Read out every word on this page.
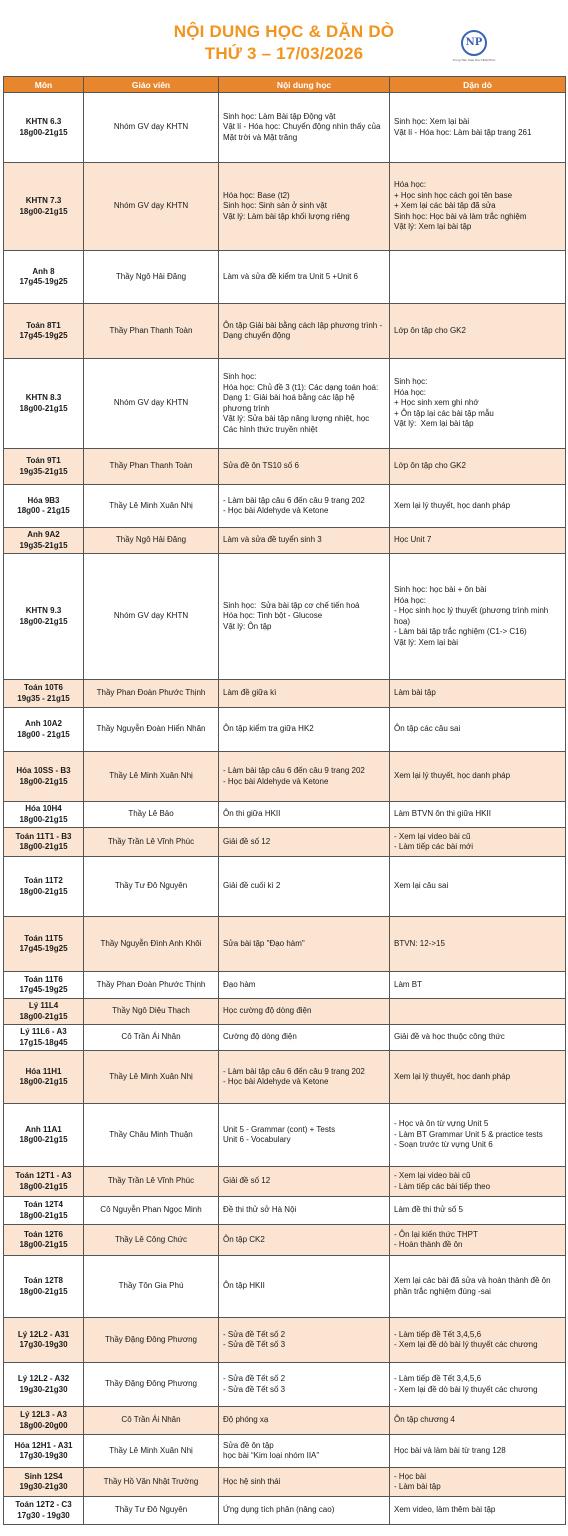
NỘI DUNG HỌC & DẶN DÒ
THỨ 3 – 17/03/2026
NP
Trung Tâm Giáo Dục Nhật Phúc
Môn	Giáo viên	Nội dung học	Dặn dò

KHTN 6.3
18g00-21g15	Nhóm GV dạy KHTN	Sinh học: Làm Bài tập Động vật
Vật lí - Hóa học: Chuyển động nhìn thấy của Mặt trời và Mặt trăng	Sinh học: Xem lại bài
Vật lí - Hóa học: Làm bài tập trang 261

KHTN 7.3
18g00-21g15	Nhóm GV dạy KHTN	Hóa học: Base (t2)
Sinh học: Sinh sản ở sinh vật
Vật lý: Làm bài tập khối lượng riêng	Hóa học:
+ Học sinh học cách gọi tên base
+ Xem lại các bài tập đã sửa
Sinh học: Học bài và làm trắc nghiệm
Vật lý: Xem lại bài tập

Anh 8
17g45-19g25	Thầy Ngô Hải Đăng	Làm và sửa đề kiểm tra Unit 5 +Unit 6	

Toán 8T1
17g45-19g25	Thầy Phan Thanh Toàn	Ôn tập Giải bài bằng cách lập phương trình - Dạng chuyển động	Lớp ôn tập cho GK2

KHTN 8.3
18g00-21g15	Nhóm GV dạy KHTN	Sinh học:
Hóa học: Chủ đề 3 (t1): Các dạng toán hoá: Dạng 1: Giải bài hoá bằng các lập hệ phương trình
Vật lý: Sửa bài tập nâng lượng nhiệt, học Các hình thức truyền nhiệt	Sinh học:
Hóa học:
+ Học sinh xem ghi nhớ
+ Ôn tập lại các bài tập mẫu
Vật lý:  Xem lại bài tập

Toán 9T1
19g35-21g15	Thầy Phan Thanh Toàn	Sửa đề ôn TS10 số 6	Lớp ôn tập cho GK2

Hóa 9B3
18g00 - 21g15	Thầy Lê Minh Xuân Nhị	- Làm bài tập câu 6 đến câu 9 trang 202
- Học bài Aldehyde và Ketone	Xem lại lý thuyết, học danh pháp

Anh 9A2
19g35-21g15	Thầy Ngô Hải Đăng	Làm và sửa đề tuyển sinh 3	Học Unit 7

KHTN 9.3
18g00-21g15	Nhóm GV dạy KHTN	Sinh học:  Sửa bài tập cơ chế tiến hoá
Hóa học: Tinh bột - Glucose
Vật lý: Ôn tập	Sinh học: học bài + ôn bài
Hóa học:
- Học sinh học lý thuyết (phương trình minh hoạ)
- Làm bài tập trắc nghiệm (C1-> C16)
Vật lý: Xem lại bài

Toán 10T6
19g35 - 21g15	Thầy Phan Đoàn Phước Thịnh	Làm đề giữa kì	Làm bài tập

Anh 10A2
18g00 - 21g15	Thầy Nguyễn Đoàn Hiển Nhân	Ôn tập kiểm tra giữa HK2	Ôn tập các câu sai

Hóa 10SS - B3
18g00-21g15	Thầy Lê Minh Xuân Nhị	- Làm bài tập câu 6 đến câu 9 trang 202
- Học bài Aldehyde và Ketone	Xem lại lý thuyết, học danh pháp

Hóa 10H4
18g00-21g15	Thầy Lê Bảo	Ôn thi giữa HKII	Làm BTVN ôn thi giữa HKII

Toán 11T1 - B3
18g00-21g15	Thầy Trần Lê Vĩnh Phúc	Giải đề số 12	- Xem lại video bài cũ
- Làm tiếp các bài mới

Toán 11T2
18g00-21g15	Thầy Tư Đô Nguyên	Giải đề cuối kì 2	Xem lại câu sai

Toán 11T5
17g45-19g25	Thầy Nguyễn Đình Anh Khôi	Sửa bài tập "Đạo hàm"	BTVN: 12->15

Toán 11T6
17g45-19g25	Thầy Phan Đoàn Phước Thịnh	Đạo hàm	Làm BT

Lý 11L4
18g00-21g15	Thầy Ngô Diệu Thạch	Học cường độ dòng điện	

Lý 11L6 - A3
17g15-18g45	Cô Trần Ái Nhân	Cường độ dòng điện	Giải đề và học thuộc công thức

Hóa 11H1
18g00-21g15	Thầy Lê Minh Xuân Nhị	- Làm bài tập câu 6 đến câu 9 trang 202
- Học bài Aldehyde và Ketone	Xem lại lý thuyết, học danh pháp

Anh 11A1
18g00-21g15	Thầy Châu Minh Thuận	Unit 5 - Grammar (cont) + Tests
Unit 6 - Vocabulary	- Học và ôn từ vựng Unit 5
- Làm BT Grammar Unit 5 & practice tests
- Soạn trước từ vựng Unit 6

Toán 12T1 - A3
18g00-21g15	Thầy Trần Lê Vĩnh Phúc	Giải đề số 12	- Xem lại video bài cũ
- Làm tiếp các bài tiếp theo

Toán 12T4
18g00-21g15	Cô Nguyễn Phan Ngọc Minh	Đề thi thử sở Hà Nội	Làm đề thi thử số 5

Toán 12T6
18g00-21g15	Thầy Lê Công Chức	Ôn tập CK2	- Ôn lại kiến thức THPT
- Hoàn thành đề ôn

Toán 12T8
18g00-21g15	Thầy Tôn Gia Phú	Ôn tập HKII	Xem lại các bài đã sửa và hoàn thành đề ôn phần trắc nghiệm đúng -sai

Lý 12L2 - A31
17g30-19g30	Thầy Đặng Đông Phương	- Sửa đề Tết số 2
- Sửa đề Tết số 3	- Làm tiếp đề Tết 3,4,5,6
- Xem lại đề dò bài lý thuyết các chương

Lý 12L2 - A32
19g30-21g30	Thầy Đặng Đông Phương	- Sửa đề Tết số 2
- Sửa đề Tết số 3	- Làm tiếp đề Tết 3,4,5,6
- Xem lại đề dò bài lý thuyết các chương

Lý 12L3 - A3
18g00-20g00	Cô Trần Ái Nhân	Độ phóng xạ	Ôn tập chương 4

Hóa 12H1 - A31
17g30-19g30	Thầy Lê Minh Xuân Nhị	Sửa đề ôn tập
học bài “Kim loại nhóm IIA”	Học bài và làm bài từ trang 128

Sinh 12S4
19g30-21g30	Thầy Hồ Văn Nhật Trường	Học hệ sinh thái	- Học bài
- Làm bài tập

Toán 12T2 - C3
17g30 - 19g30	Thầy Tư Đô Nguyên	Ứng dụng tích phân (nâng cao)	Xem video, làm thêm bài tập
